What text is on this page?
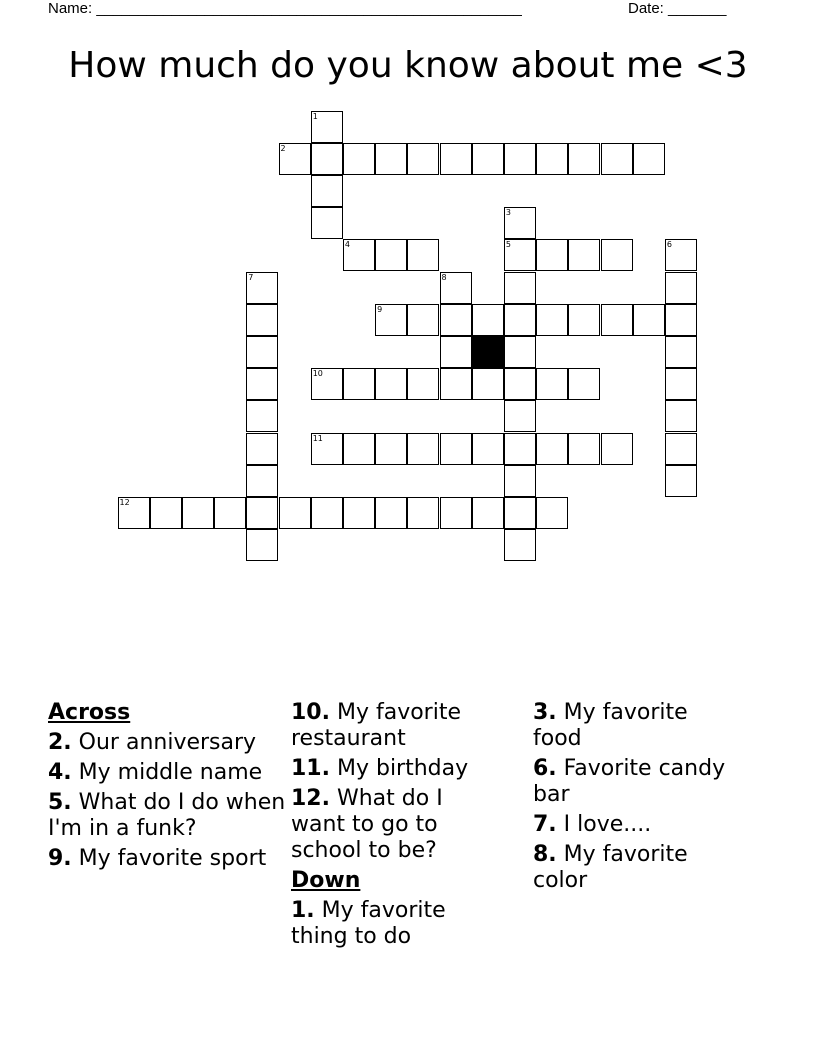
Name: ___________________________________________________	Date: _______
How much do you know about me <3
1
2
3
4	5	6
7	8
9
10
11
12
Across
2. Our anniversary
4. My middle name
5. What do I do when I'm in a funk?
9. My favorite sport
10. My favorite restaurant
11. My birthday
12. What do I want to go to school to be?
Down
1. My favorite thing to do
3. My favorite food
6. Favorite candy bar
7. I love....
8. My favorite color
